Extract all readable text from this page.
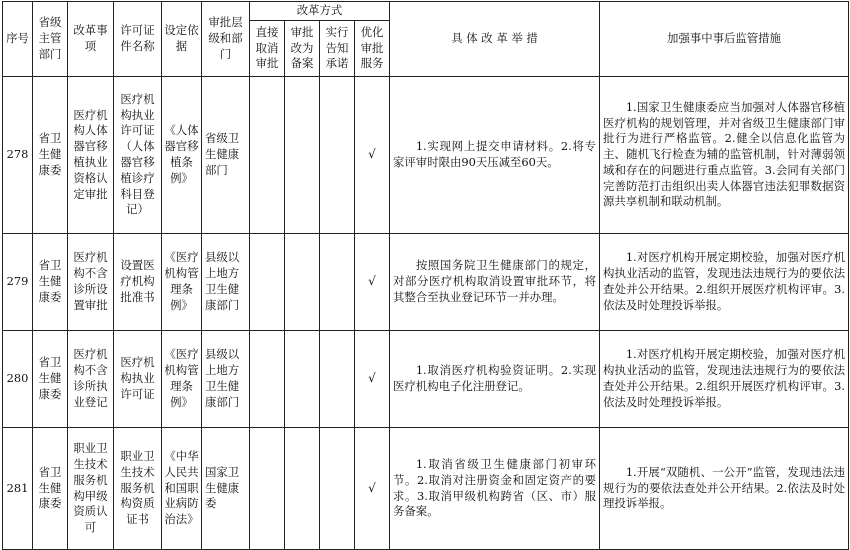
序号	省级主管部门	改革事项	许可证件名称	设定依据	审批层级和部门	改革方式				具 体 改 革 举 措	加强事中事后监管措施
						直接取消审批	审批改为备案	实行告知承诺	优化审批服务		
278	省卫生健康委	医疗机构人体器官移植执业资格认定审批	医疗机构执业许可证（人体器官移植诊疗科目登记）	《人体器官移植条例》	省级卫生健康部门				√	1.实现网上提交申请材料。2.将专家评审时限由90天压减至60天。	1.国家卫生健康委应当加强对人体器官移植医疗机构的规划管理，并对省级卫生健康部门审批行为进行严格监管。2.健全以信息化监管为主、随机飞行检查为辅的监管机制，针对薄弱领域和存在的问题进行重点监管。3.会同有关部门完善防范打击组织出卖人体器官违法犯罪数据资源共享机制和联动机制。
279	省卫生健康委	医疗机构不含诊所设置审批	设置医疗机构批准书	《医疗机构管理条例》	县级以上地方卫生健康部门				√	按照国务院卫生健康部门的规定，对部分医疗机构取消设置审批环节，将其整合至执业登记环节一并办理。	1.对医疗机构开展定期校验，加强对医疗机构执业活动的监管，发现违法违规行为的要依法查处并公开结果。2.组织开展医疗机构评审。3.依法及时处理投诉举报。
280	省卫生健康委	医疗机构不含诊所执业登记	医疗机构执业许可证	《医疗机构管理条例》	县级以上地方卫生健康部门				√	1.取消医疗机构验资证明。2.实现医疗机构电子化注册登记。	1.对医疗机构开展定期校验，加强对医疗机构执业活动的监管，发现违法违规行为的要依法查处并公开结果。2.组织开展医疗机构评审。3.依法及时处理投诉举报。
281	省卫生健康委	职业卫生技术服务机构甲级资质认可	职业卫生技术服务机构资质证书	《中华人民共和国职业病防治法》	国家卫生健康委				√	1.取消省级卫生健康部门初审环节。2.取消对注册资金和固定资产的要求。3.取消甲级机构跨省（区、市）服务备案。	1.开展“双随机、一公开”监管，发现违法违规行为的要依法查处并公开结果。2.依法及时处理投诉举报。
